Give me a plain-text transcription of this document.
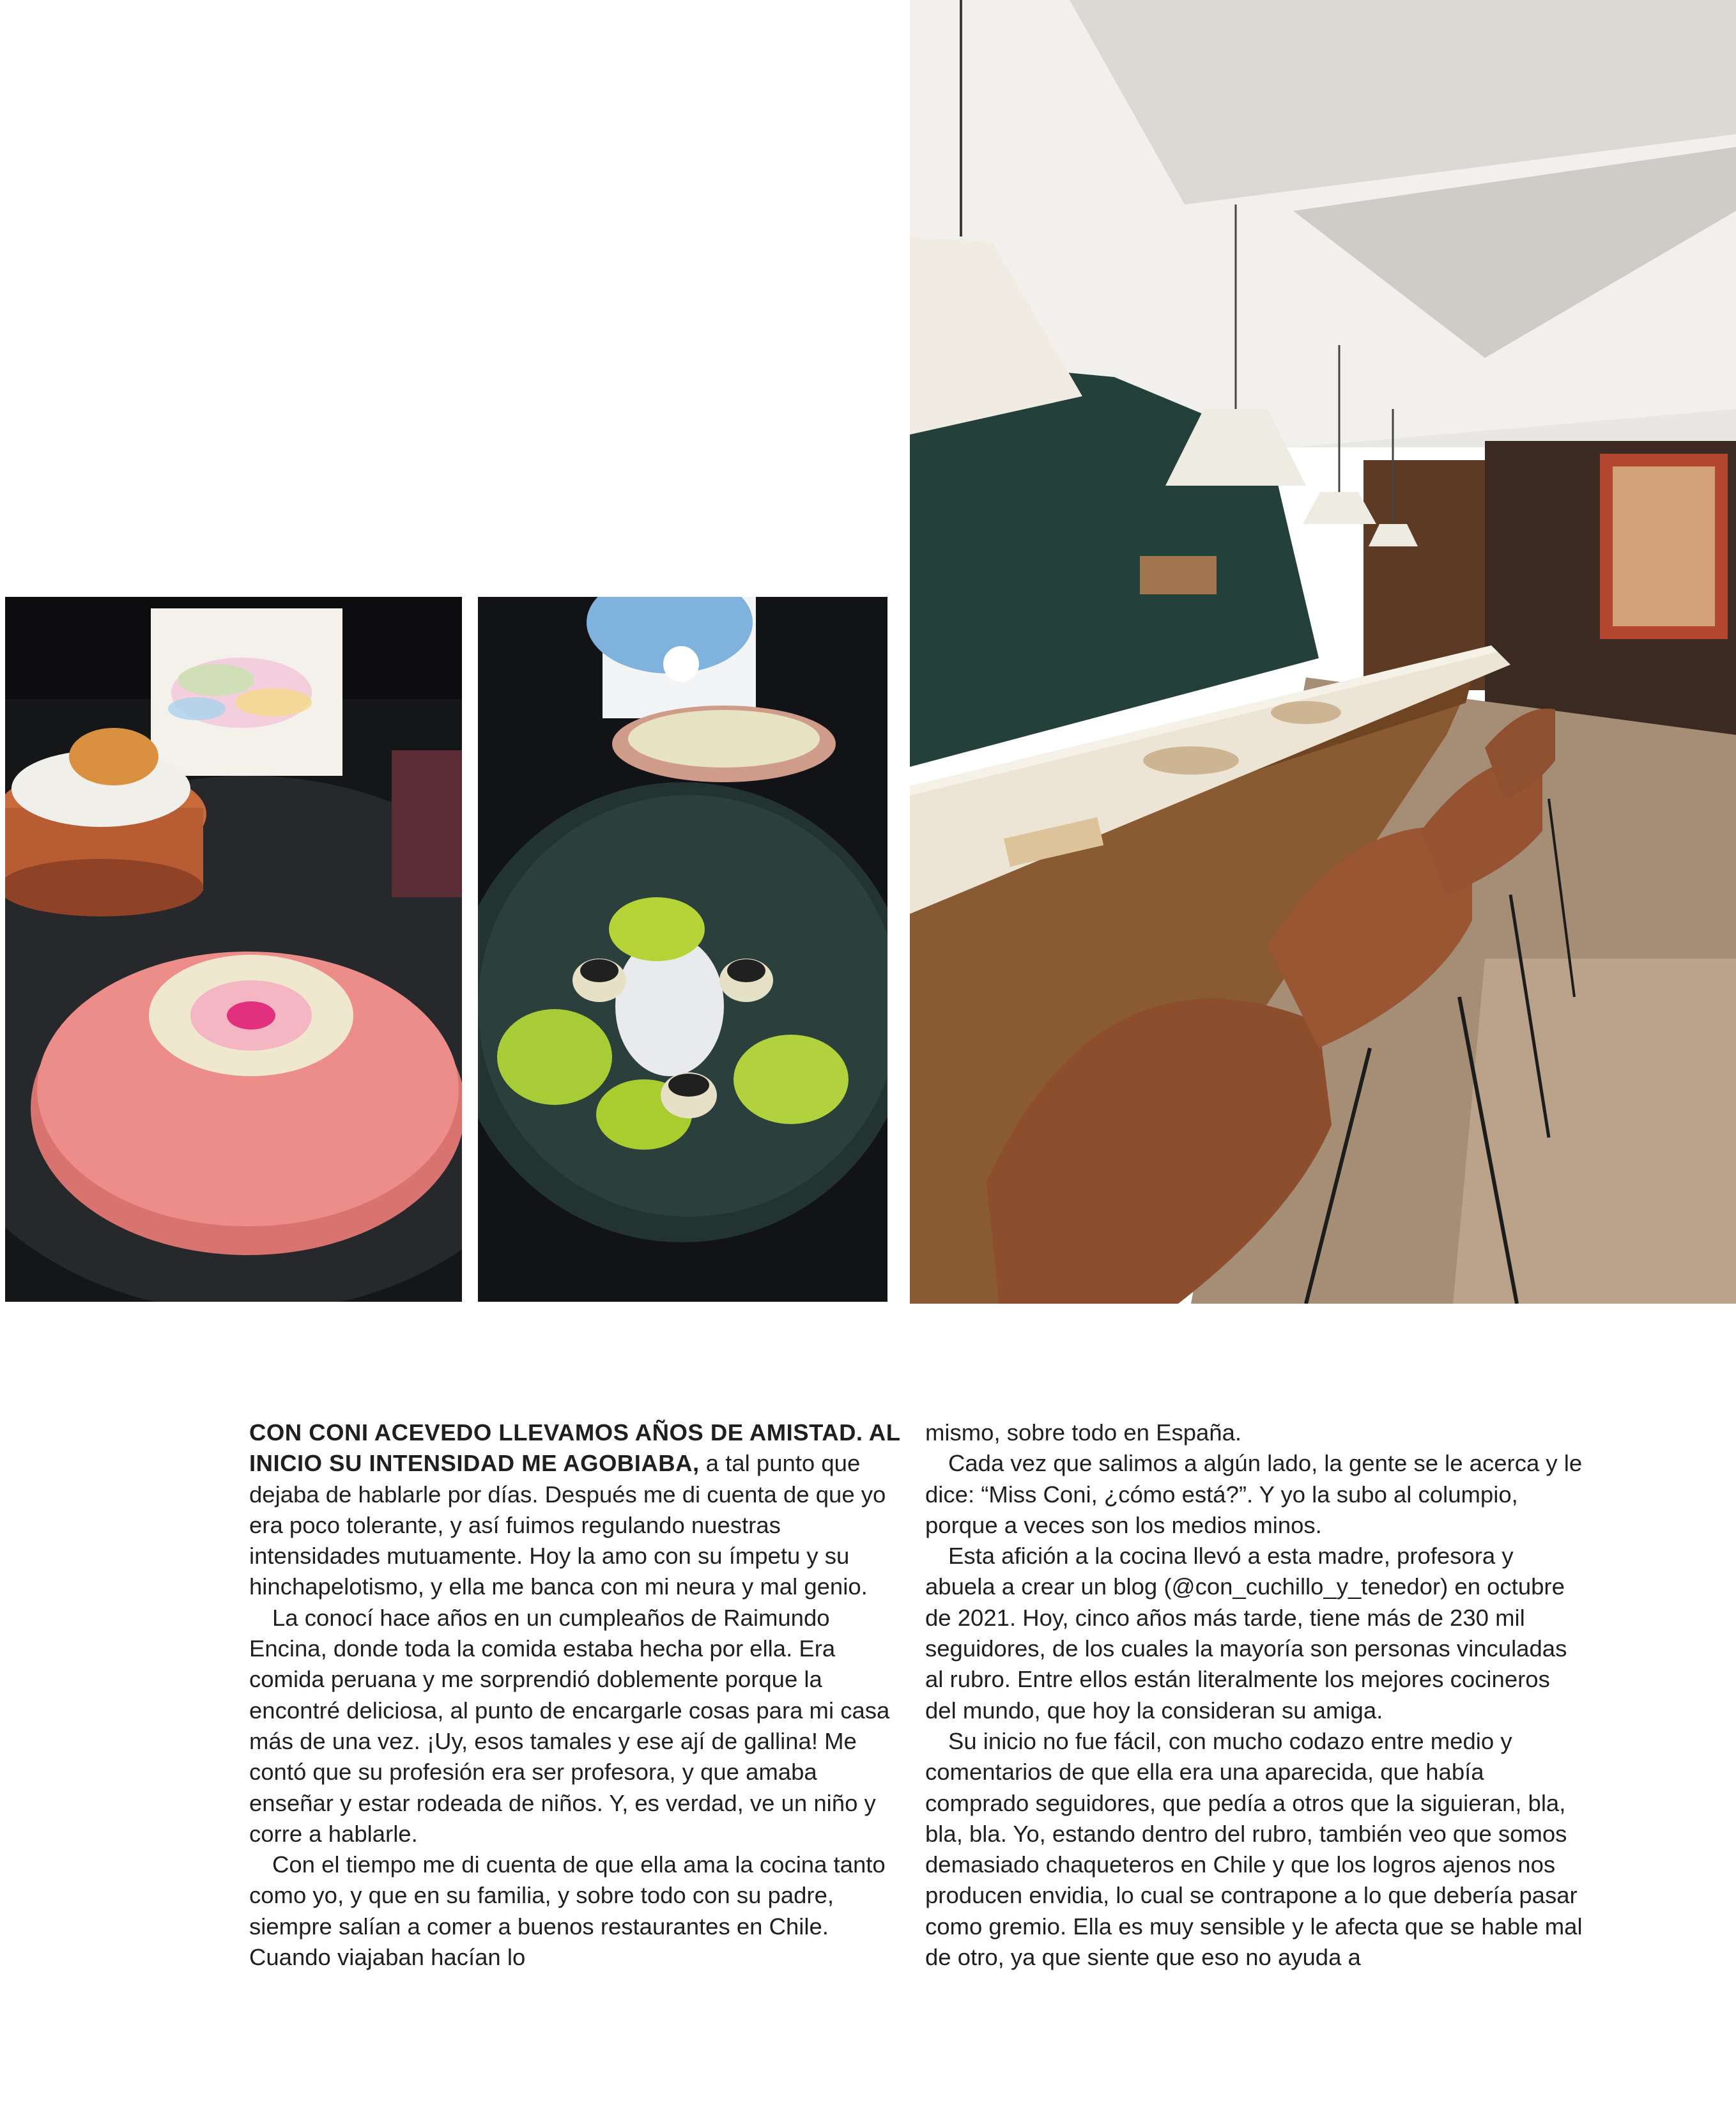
CON CONI ACEVEDO LLEVAMOS AÑOS DE AMISTAD. AL INICIO SU INTENSIDAD ME AGOBIABA, a tal punto que dejaba de hablarle por días. Después me di cuenta de que yo era poco tolerante, y así fuimos regulando nuestras intensidades mutuamente. Hoy la amo con su ímpetu y su hinchapelotismo, y ella me banca con mi neura y mal genio.

La conocí hace años en un cumpleaños de Raimundo Encina, donde toda la comida estaba hecha por ella. Era comida peruana y me sorprendió doblemente porque la encontré deliciosa, al punto de encargarle cosas para mi casa más de una vez. ¡Uy, esos tamales y ese ají de gallina! Me contó que su profesión era ser profesora, y que amaba enseñar y estar rodeada de niños. Y, es verdad, ve un niño y corre a hablarle.

Con el tiempo me di cuenta de que ella ama la cocina tanto como yo, y que en su familia, y sobre todo con su padre, siempre salían a comer a buenos restaurantes en Chile. Cuando viajaban hacían lo

mismo, sobre todo en España.

Cada vez que salimos a algún lado, la gente se le acerca y le dice: “Miss Coni, ¿cómo está?”. Y yo la subo al columpio, porque a veces son los medios minos.

Esta afición a la cocina llevó a esta madre, profesora y abuela a crear un blog (@con_cuchillo_y_tenedor) en octubre de 2021. Hoy, cinco años más tarde, tiene más de 230 mil seguidores, de los cuales la mayoría son personas vinculadas al rubro. Entre ellos están literalmente los mejores cocineros del mundo, que hoy la consideran su amiga.

Su inicio no fue fácil, con mucho codazo entre medio y comentarios de que ella era una aparecida, que había comprado seguidores, que pedía a otros que la siguieran, bla, bla, bla. Yo, estando dentro del rubro, también veo que somos demasiado chaqueteros en Chile y que los logros ajenos nos producen envidia, lo cual se contrapone a lo que debería pasar como gremio. Ella es muy sensible y le afecta que se hable mal de otro, ya que siente que eso no ayuda a
